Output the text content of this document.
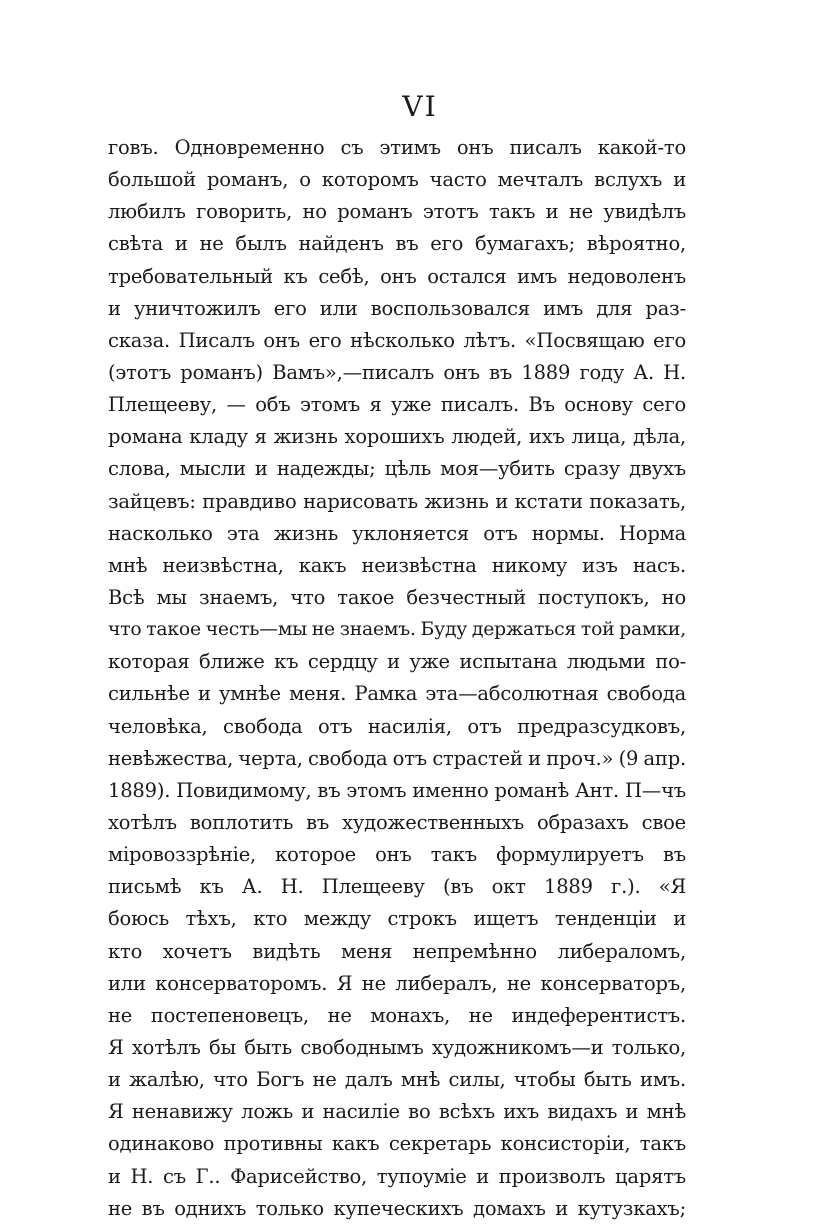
VI
говъ. Одновременно съ этимъ онъ писалъ какой-то
большой романъ, о которомъ часто мечталъ вслухъ и
любилъ говорить, но романъ этотъ такъ и не увидѣлъ
свѣта и не былъ найденъ въ его бумагахъ; вѣроятно,
требовательный къ себѣ, онъ остался имъ недоволенъ
и уничтожилъ его или воспользовался имъ для раз-
сказа. Писалъ онъ его нѣсколько лѣтъ. «Посвящаю его
(этотъ романъ) Вамъ»,—писалъ онъ въ 1889 году А. Н.
Плещееву, — объ этомъ я уже писалъ. Въ основу сего
романа кладу я жизнь хорошихъ людей, ихъ лица, дѣла,
слова, мысли и надежды; цѣль моя—убить сразу двухъ
зайцевъ: правдиво нарисовать жизнь и кстати показать,
насколько эта жизнь уклоняется отъ нормы. Норма
мнѣ неизвѣстна, какъ неизвѣстна никому изъ насъ.
Всѣ мы знаемъ, что такое безчестный поступокъ, но
что такое честь—мы не знаемъ. Буду держаться той рамки,
которая ближе къ сердцу и уже испытана людьми по-
сильнѣе и умнѣе меня. Рамка эта—абсолютная свобода
человѣка, свобода отъ насилія, отъ предразсудковъ,
невѣжества, черта, свобода отъ страстей и проч.» (9 апр.
1889). Повидимому, въ этомъ именно романѣ Ант. П—чъ
хотѣлъ воплотить въ художественныхъ образахъ свое
міровоззрѣніе, которое онъ такъ формулируетъ въ
письмѣ къ А. Н. Плещееву (въ окт 1889 г.). «Я
боюсь тѣхъ, кто между строкъ ищетъ тенденціи и
кто хочетъ видѣть меня непремѣнно либераломъ,
или консерваторомъ. Я не либералъ, не консерваторъ,
не постепеновецъ, не монахъ, не индеферентистъ.
Я хотѣлъ бы быть свободнымъ художникомъ—и только,
и жалѣю, что Богъ не далъ мнѣ силы, чтобы быть имъ.
Я ненавижу ложь и насиліе во всѣхъ ихъ видахъ и мнѣ
одинаково противны какъ секретарь консисторіи, такъ
и Н. съ Г.. Фарисейство, тупоуміе и произволъ царятъ
не въ однихъ только купеческихъ домахъ и кутузкахъ;
